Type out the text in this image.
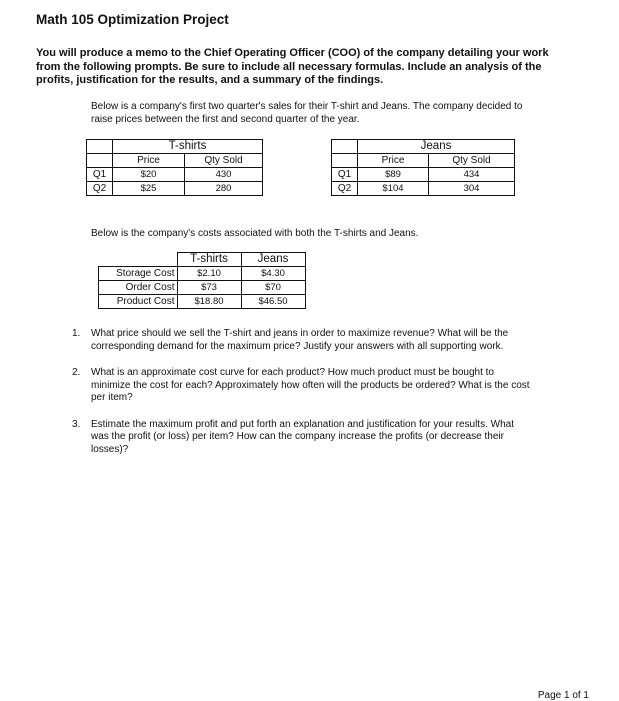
Math 105 Optimization Project
You will produce a memo to the Chief Operating Officer (COO) of the company detailing your work
from the following prompts. Be sure to include all necessary formulas. Include an analysis of the
profits, justification for the results, and a summary of the findings.
Below is a company's first two quarter's sales for their T-shirt and Jeans. The company decided to
raise prices between the first and second quarter of the year.
	T-shirts	
	Price	Qty Sold
Q1	$20	430
Q2	$25	280
	Jeans	
	Price	Qty Sold
Q1	$89	434
Q2	$104	304
Below is the company's costs associated with both the T-shirts and Jeans.
	T-shirts	Jeans
Storage Cost	$2.10	$4.30
Order Cost	$73	$70
Product Cost	$18.80	$46.50
1. What price should we sell the T-shirt and jeans in order to maximize revenue? What will be the
corresponding demand for the maximum price? Justify your answers with all supporting work.
2. What is an approximate cost curve for each product? How much product must be bought to
minimize the cost for each? Approximately how often will the products be ordered? What is the cost
per item?
3. Estimate the maximum profit and put forth an explanation and justification for your results. What
was the profit (or loss) per item? How can the company increase the profits (or decrease their
losses)?
Page 1 of 1
